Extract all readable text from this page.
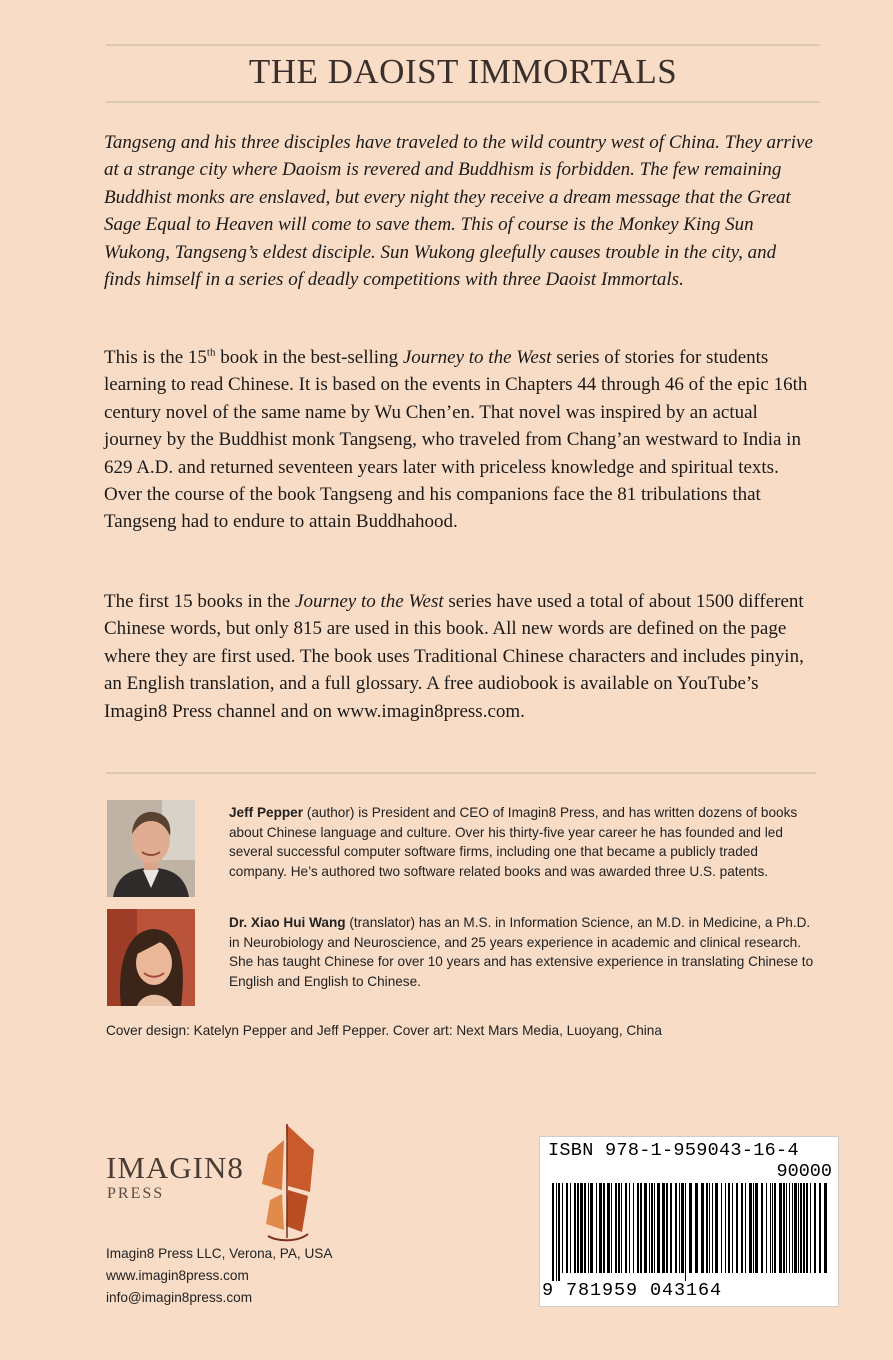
THE DAOIST IMMORTALS

Tangseng and his three disciples have traveled to the wild country west of China. They arrive at a strange city where Daoism is revered and Buddhism is forbidden. The few remaining Buddhist monks are enslaved, but every night they receive a dream message that the Great Sage Equal to Heaven will come to save them. This of course is the Monkey King Sun Wukong, Tangseng’s eldest disciple. Sun Wukong gleefully causes trouble in the city, and finds himself in a series of deadly competitions with three Daoist Immortals.

This is the 15th book in the best-selling Journey to the West series of stories for students learning to read Chinese. It is based on the events in Chapters 44 through 46 of the epic 16th century novel of the same name by Wu Chen’en. That novel was inspired by an actual journey by the Buddhist monk Tangseng, who traveled from Chang’an westward to India in 629 A.D. and returned seventeen years later with priceless knowledge and spiritual texts. Over the course of the book Tangseng and his companions face the 81 tribulations that Tangseng had to endure to attain Buddhahood.

The first 15 books in the Journey to the West series have used a total of about 1500 different Chinese words, but only 815 are used in this book. All new words are defined on the page where they are first used. The book uses Traditional Chinese characters and includes pinyin, an English translation, and a full glossary. A free audiobook is available on YouTube’s Imagin8 Press channel and on www.imagin8press.com.

Jeff Pepper (author) is President and CEO of Imagin8 Press, and has written dozens of books about Chinese language and culture. Over his thirty-five year career he has founded and led several successful computer software firms, including one that became a publicly traded company. He’s authored two software related books and was awarded three U.S. patents.

Dr. Xiao Hui Wang (translator) has an M.S. in Information Science, an M.D. in Medicine, a Ph.D. in Neurobiology and Neuroscience, and 25 years experience in academic and clinical research. She has taught Chinese for over 10 years and has extensive experience in translating Chinese to English and English to Chinese.

Cover design: Katelyn Pepper and Jeff Pepper. Cover art: Next Mars Media, Luoyang, China

IMAGIN8
PRESS

Imagin8 Press LLC, Verona, PA, USA

www.imagin8press.com

info@imagin8press.com

ISBN 978-1-959043-16-4

90000

9 781959 043164
